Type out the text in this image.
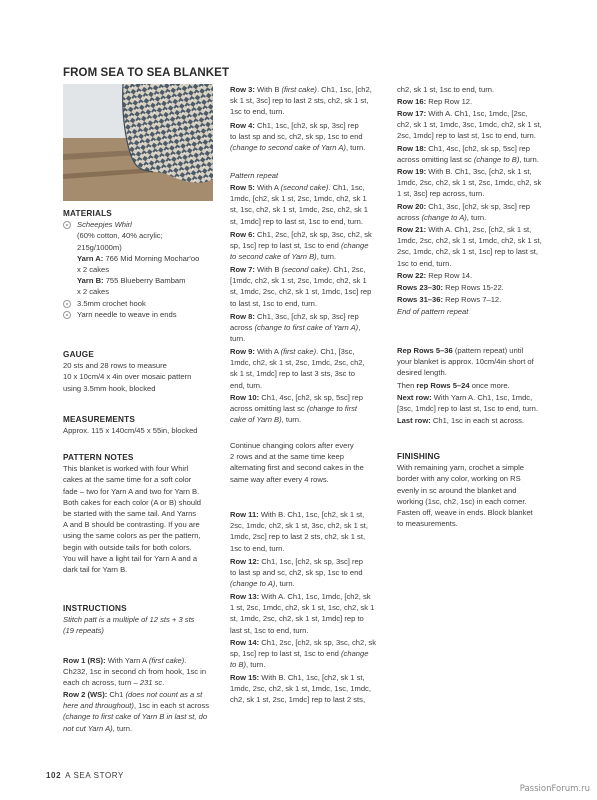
FROM SEA TO SEA BLANKET
MATERIALS

Scheepjes Whirl

(60% cotton, 40% acrylic;

215g/1000m)

Yarn A: 766 Mid Morning Mochar'oo

x 2 cakes

Yarn B: 755 Blueberry Bambam

x 2 cakes

3.5mm crochet hook

Yarn needle to weave in ends

GAUGE

20 sts and 28 rows to measure

10 x 10cm/4 x 4in over mosaic pattern

using 3.5mm hook, blocked

MEASUREMENTS

Approx. 115 x 140cm/45 x 55in, blocked

PATTERN NOTES

This blanket is worked with four Whirl

cakes at the same time for a soft color

fade – two for Yarn A and two for Yarn B.

Both cakes for each color (A or B) should

be started with the same tail. And Yarns

A and B should be contrasting. If you are

using the same colors as per the pattern,

begin with outside tails for both colors.

You will have a light tail for Yarn A and a

dark tail for Yarn B.

INSTRUCTIONS

Stitch patt is a multiple of 12 sts + 3 sts

(19 repeats)

Row 1 (RS): With Yarn A (first cake).

Ch232, 1sc in second ch from hook, 1sc in

each ch across, turn – 231 sc.

Row 2 (WS): Ch1 (does not count as a st

here and throughout), 1sc in each st across

(change to first cake of Yarn B in last st, do

not cut Yarn A), turn.

Row 3: With B (first cake). Ch1, 1sc, [ch2,

sk 1 st, 3sc] rep to last 2 sts, ch2, sk 1 st,

1sc to end, turn.

Row 4: Ch1, 1sc, [ch2, sk sp, 3sc] rep

to last sp and sc, ch2, sk sp, 1sc to end

(change to second cake of Yarn A), turn.

Pattern repeat

Row 5: With A (second cake). Ch1, 1sc,

1mdc, [ch2, sk 1 st, 2sc, 1mdc, ch2, sk 1

st, 1sc, ch2, sk 1 st, 1mdc, 2sc, ch2, sk 1

st, 1mdc] rep to last st, 1sc to end, turn.

Row 6: Ch1, 2sc, [ch2, sk sp, 3sc, ch2, sk

sp, 1sc] rep to last st, 1sc to end (change

to second cake of Yarn B), turn.

Row 7: With B (second cake). Ch1, 2sc,

[1mdc, ch2, sk 1 st, 2sc, 1mdc, ch2, sk 1

st, 1mdc, 2sc, ch2, sk 1 st, 1mdc, 1sc] rep

to last st, 1sc to end, turn.

Row 8: Ch1, 3sc, [ch2, sk sp, 3sc] rep

across (change to first cake of Yarn A),

turn.

Row 9: With A (first cake). Ch1, [3sc,

1mdc, ch2, sk 1 st, 2sc, 1mdc, 2sc, ch2,

sk 1 st, 1mdc] rep to last 3 sts, 3sc to

end, turn.

Row 10: Ch1, 4sc, [ch2, sk sp, 5sc] rep

across omitting last sc (change to first

cake of Yarn B), turn.

Continue changing colors after every

2 rows and at the same time keep

alternating first and second cakes in the

same way after every 4 rows.

Row 11: With B. Ch1, 1sc, [ch2, sk 1 st,

2sc, 1mdc, ch2, sk 1 st, 3sc, ch2, sk 1 st,

1mdc, 2sc] rep to last 2 sts, ch2, sk 1 st,

1sc to end, turn.

Row 12: Ch1, 1sc, [ch2, sk sp, 3sc] rep

to last sp and sc, ch2, sk sp, 1sc to end

(change to A), turn.

Row 13: With A. Ch1, 1sc, 1mdc, [ch2, sk

1 st, 2sc, 1mdc, ch2, sk 1 st, 1sc, ch2, sk 1

st, 1mdc, 2sc, ch2, sk 1 st, 1mdc] rep to

last st, 1sc to end, turn.

Row 14: Ch1, 2sc, [ch2, sk sp, 3sc, ch2, sk

sp, 1sc] rep to last st, 1sc to end (change

to B), turn.

Row 15: With B. Ch1, 1sc, [ch2, sk 1 st,

1mdc, 2sc, ch2, sk 1 st, 1mdc, 1sc, 1mdc,

ch2, sk 1 st, 2sc, 1mdc] rep to last 2 sts,

ch2, sk 1 st, 1sc to end, turn.

Row 16: Rep Row 12.

Row 17: With A. Ch1, 1sc, 1mdc, [2sc,

ch2, sk 1 st, 1mdc, 3sc, 1mdc, ch2, sk 1 st,

2sc, 1mdc] rep to last st, 1sc to end, turn.

Row 18: Ch1, 4sc, [ch2, sk sp, 5sc] rep

across omitting last sc (change to B), turn.

Row 19: With B. Ch1, 3sc, [ch2, sk 1 st,

1mdc, 2sc, ch2, sk 1 st, 2sc, 1mdc, ch2, sk

1 st, 3sc] rep across, turn.

Row 20: Ch1, 3sc, [ch2, sk sp, 3sc] rep

across (change to A), turn.

Row 21: With A. Ch1, 2sc, [ch2, sk 1 st,

1mdc, 2sc, ch2, sk 1 st, 1mdc, ch2, sk 1 st,

2sc, 1mdc, ch2, sk 1 st, 1sc] rep to last st,

1sc to end, turn.

Row 22: Rep Row 14.

Rows 23–30: Rep Rows 15-22.

Rows 31–36: Rep Rows 7–12.

End of pattern repeat

Rep Rows 5–36 (pattern repeat) until

your blanket is approx. 10cm/4in short of

desired length.

Then rep Rows 5–24 once more.

Next row: With Yarn A. Ch1, 1sc, 1mdc,

[3sc, 1mdc] rep to last st, 1sc to end, turn.

Last row: Ch1, 1sc in each st across.

FINISHING

With remaining yarn, crochet a simple

border with any color, working on RS

evenly in sc around the blanket and

working (1sc, ch2, 1sc) in each corner.

Fasten off, weave in ends. Block blanket

to measurements.

102 A SEA STORY
PassionForum.ru
